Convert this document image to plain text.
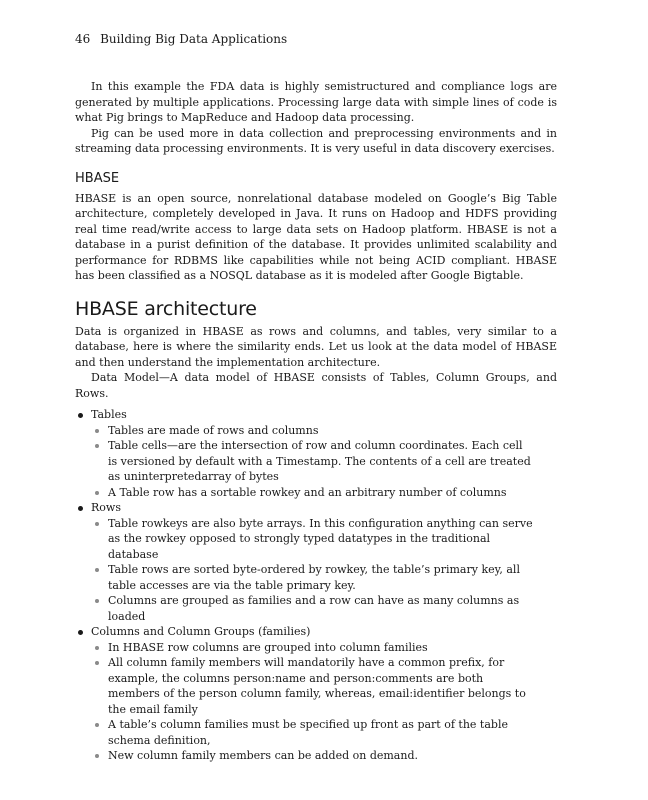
46 Building Big Data Applications

In this example the FDA data is highly semistructured and compliance logs are generated by multiple applications. Processing large data with simple lines of code is what Pig brings to MapReduce and Hadoop data processing.

Pig can be used more in data collection and preprocessing environments and in streaming data processing environments. It is very useful in data discovery exercises.

HBASE

HBASE is an open source, nonrelational database modeled on Google’s Big Table architecture, completely developed in Java. It runs on Hadoop and HDFS providing real time read/write access to large data sets on Hadoop platform. HBASE is not a database in a purist definition of the database. It provides unlimited scalability and performance for RDBMS like capabilities while not being ACID compliant. HBASE has been classified as a NOSQL database as it is modeled after Google Bigtable.

HBASE architecture

Data is organized in HBASE as rows and columns, and tables, very similar to a database, here is where the similarity ends. Let us look at the data model of HBASE and then understand the implementation architecture.

Data Model—A data model of HBASE consists of Tables, Column Groups, and Rows.

Tables
Tables are made of rows and columns
Table cells—are the intersection of row and column coordinates. Each cell is versioned by default with a Timestamp. The contents of a cell are treated as uninterpretedarray of bytes
A Table row has a sortable rowkey and an arbitrary number of columns
Rows
Table rowkeys are also byte arrays. In this configuration anything can serve as the rowkey opposed to strongly typed datatypes in the traditional database
Table rows are sorted byte-ordered by rowkey, the table’s primary key, all table accesses are via the table primary key.
Columns are grouped as families and a row can have as many columns as loaded
Columns and Column Groups (families)
In HBASE row columns are grouped into column families
All column family members will mandatorily have a common prefix, for example, the columns person:name and person:comments are both members of the person column family, whereas, email:identifier belongs to the email family
A table’s column families must be specified up front as part of the table schema definition,
New column family members can be added on demand.
